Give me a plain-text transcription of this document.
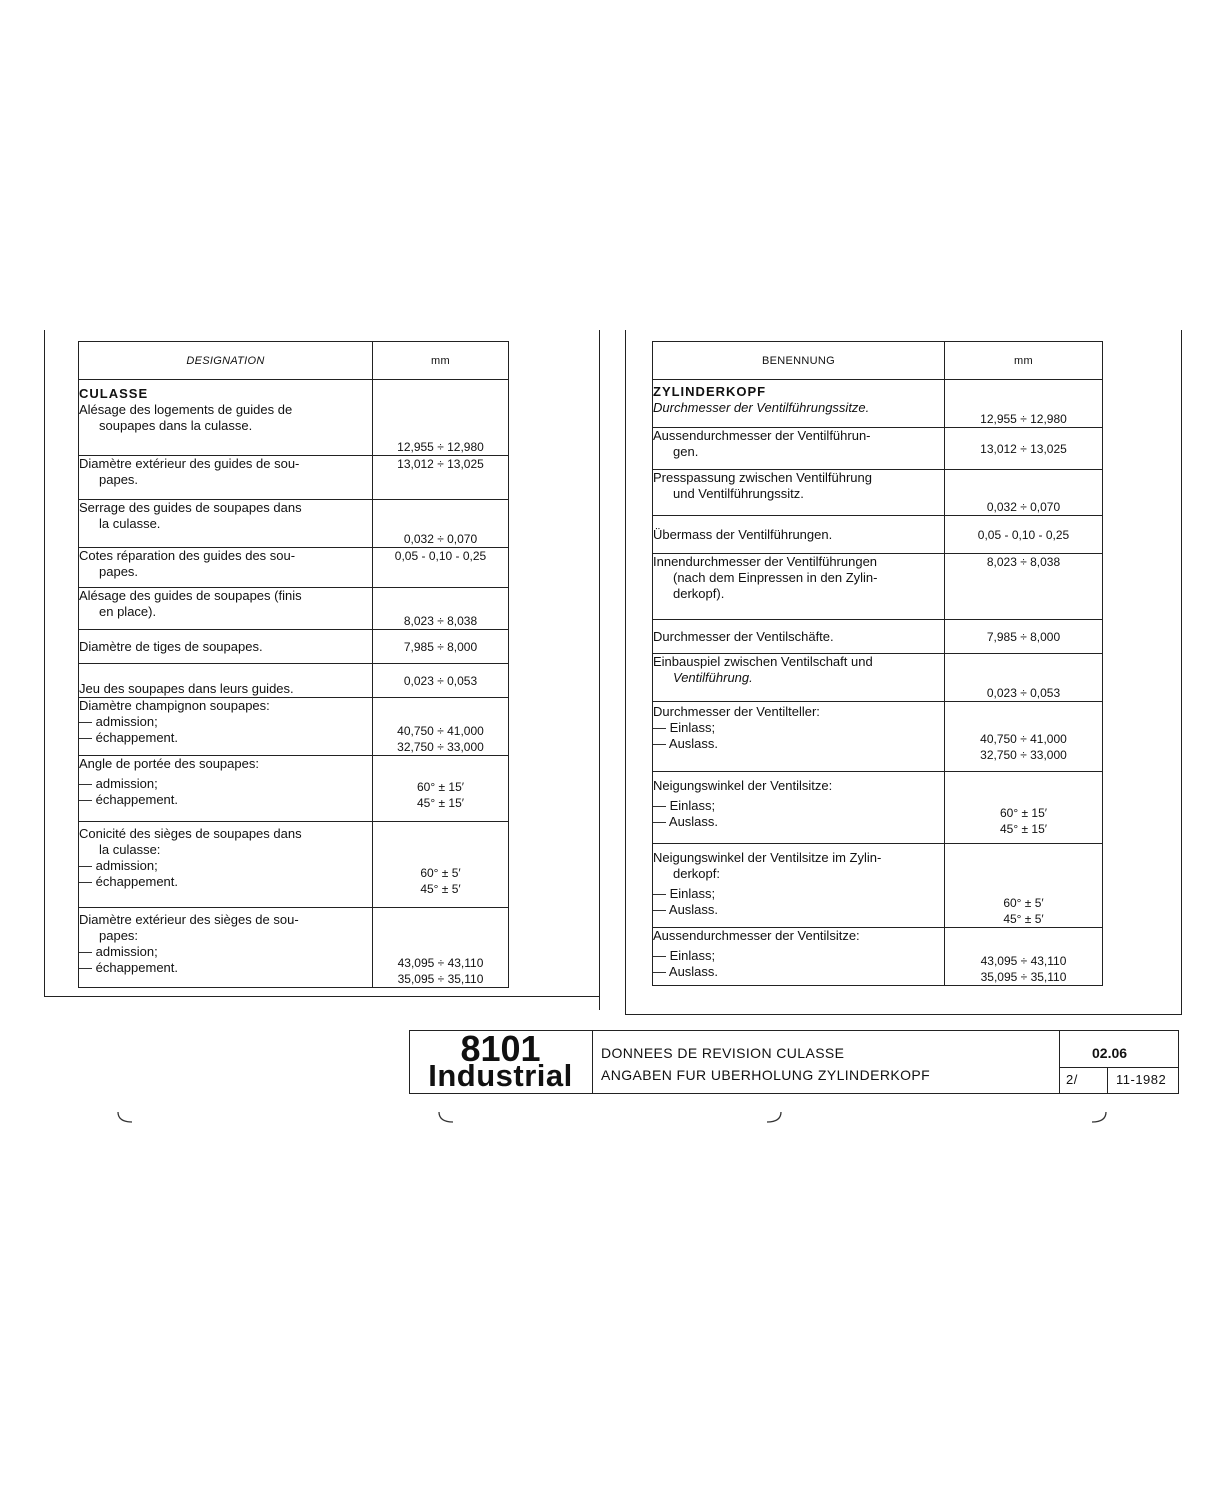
DESIGNATION	mm

CULASSE
Alésage des logements de guides de
soupapes dans la culasse.	12,955 ÷ 12,980

Diamètre extérieur des guides de sou-
papes.	13,012 ÷ 13,025

Serrage des guides de soupapes dans
la culasse.	0,032 ÷ 0,070

Cotes réparation des guides des sou-
papes.	0,05 - 0,10 - 0,25

Alésage des guides de soupapes (finis
en place).	8,023 ÷ 8,038

Diamètre de tiges de soupapes.	7,985 ÷ 8,000

Jeu des soupapes dans leurs guides.	0,023 ÷ 0,053

Diamètre champignon soupapes:
— admission;
— échappement.	40,750 ÷ 41,000
32,750 ÷ 33,000

Angle de portée des soupapes:
— admission;
— échappement.	60° ± 15′
45° ± 15′

Conicité des sièges de soupapes dans
la culasse:
— admission;
— échappement.	60° ± 5′
45° ± 5′

Diamètre extérieur des sièges de sou-
papes:
— admission;
— échappement.	43,095 ÷ 43,110
35,095 ÷ 35,110
BENENNUNG	mm

ZYLINDERKOPF
Durchmesser der Ventilführungssitze.	12,955 ÷ 12,980

Aussendurchmesser der Ventilführun-
gen.	13,012 ÷ 13,025

Presspassung zwischen Ventilführung
und Ventilführungssitz.	0,032 ÷ 0,070

Übermass der Ventilführungen.	0,05 - 0,10 - 0,25

Innendurchmesser der Ventilführungen
(nach dem Einpressen in den Zylin-
derkopf).	8,023 ÷ 8,038

Durchmesser der Ventilschäfte.	7,985 ÷ 8,000

Einbauspiel zwischen Ventilschaft und
Ventilführung.	0,023 ÷ 0,053

Durchmesser der Ventilteller:
— Einlass;
— Auslass.	40,750 ÷ 41,000
32,750 ÷ 33,000

Neigungswinkel der Ventilsitze:
— Einlass;
— Auslass.	60° ± 15′
45° ± 15′

Neigungswinkel der Ventilsitze im Zylin-
derkopf:
— Einlass;
— Auslass.	60° ± 5′
45° ± 5′

Aussendurchmesser der Ventilsitze:
— Einlass;
— Auslass.	43,095 ÷ 43,110
35,095 ÷ 35,110
8101
Industrial
DONNEES DE REVISION CULASSE
ANGABEN FUR UBERHOLUNG ZYLINDERKOPF
02.06
2/	11-1982
